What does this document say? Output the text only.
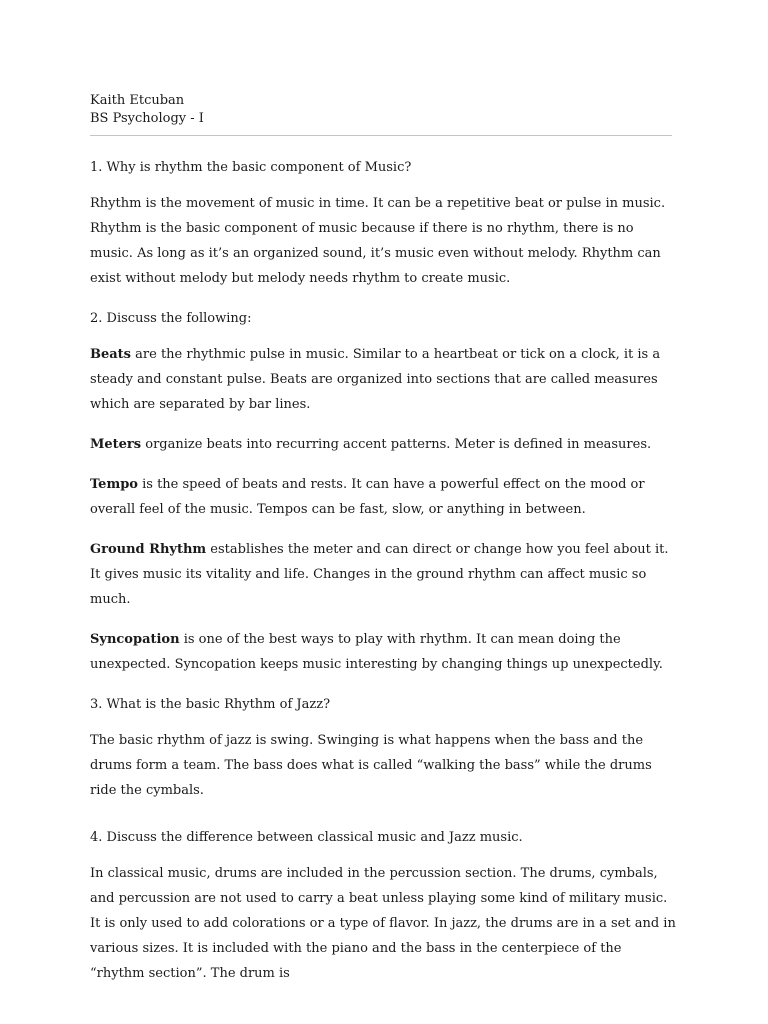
Kaith Etcuban
BS Psychology - I

1. Why is rhythm the basic component of Music?

Rhythm is the movement of music in time. It can be a repetitive beat or pulse in music. Rhythm is the basic component of music because if there is no rhythm, there is no music. As long as it’s an organized sound, it’s music even without melody. Rhythm can exist without melody but melody needs rhythm to create music.

2. Discuss the following:

Beats are the rhythmic pulse in music. Similar to a heartbeat or tick on a clock, it is a steady and constant pulse. Beats are organized into sections that are called measures which are separated by bar lines.

Meters organize beats into recurring accent patterns. Meter is defined in measures.

Tempo is the speed of beats and rests. It can have a powerful effect on the mood or overall feel of the music. Tempos can be fast, slow, or anything in between.

Ground Rhythm establishes the meter and can direct or change how you feel about it. It gives music its vitality and life. Changes in the ground rhythm can affect music so much.

Syncopation is one of the best ways to play with rhythm. It can mean doing the unexpected. Syncopation keeps music interesting by changing things up unexpectedly.

3. What is the basic Rhythm of Jazz?

The basic rhythm of jazz is swing. Swinging is what happens when the bass and the drums form a team. The bass does what is called “walking the bass” while the drums ride the cymbals.

4. Discuss the difference between classical music and Jazz music.

In classical music, drums are included in the percussion section. The drums, cymbals, and percussion are not used to carry a beat unless playing some kind of military music. It is only used to add colorations or a type of flavor. In jazz, the drums are in a set and in various sizes. It is included with the piano and the bass in the centerpiece of the “rhythm section”. The drum is
